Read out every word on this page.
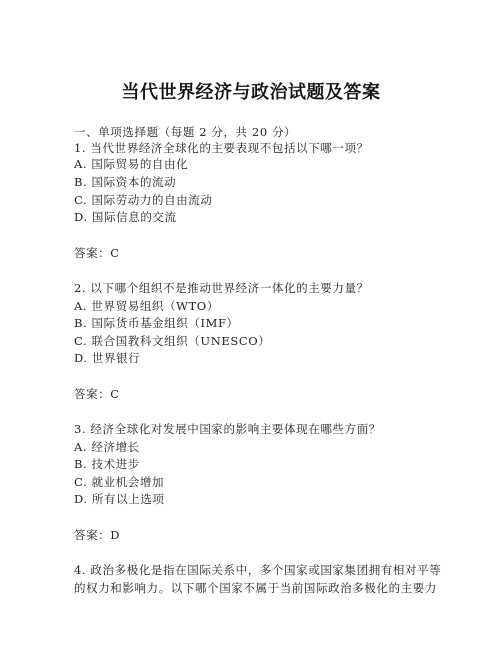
当代世界经济与政治试题及答案
一、单项选择题（每题 2 分，共 20 分）
1. 当代世界经济全球化的主要表现不包括以下哪一项？
A. 国际贸易的自由化
B. 国际资本的流动
C. 国际劳动力的自由流动
D. 国际信息的交流
答案：C
2. 以下哪个组织不是推动世界经济一体化的主要力量？
A. 世界贸易组织（WTO）
B. 国际货币基金组织（IMF）
C. 联合国教科文组织（UNESCO）
D. 世界银行
答案：C
3. 经济全球化对发展中国家的影响主要体现在哪些方面？
A. 经济增长
B. 技术进步
C. 就业机会增加
D. 所有以上选项
答案：D
4. 政治多极化是指在国际关系中，多个国家或国家集团拥有相对平等
的权力和影响力。以下哪个国家不属于当前国际政治多极化的主要力
